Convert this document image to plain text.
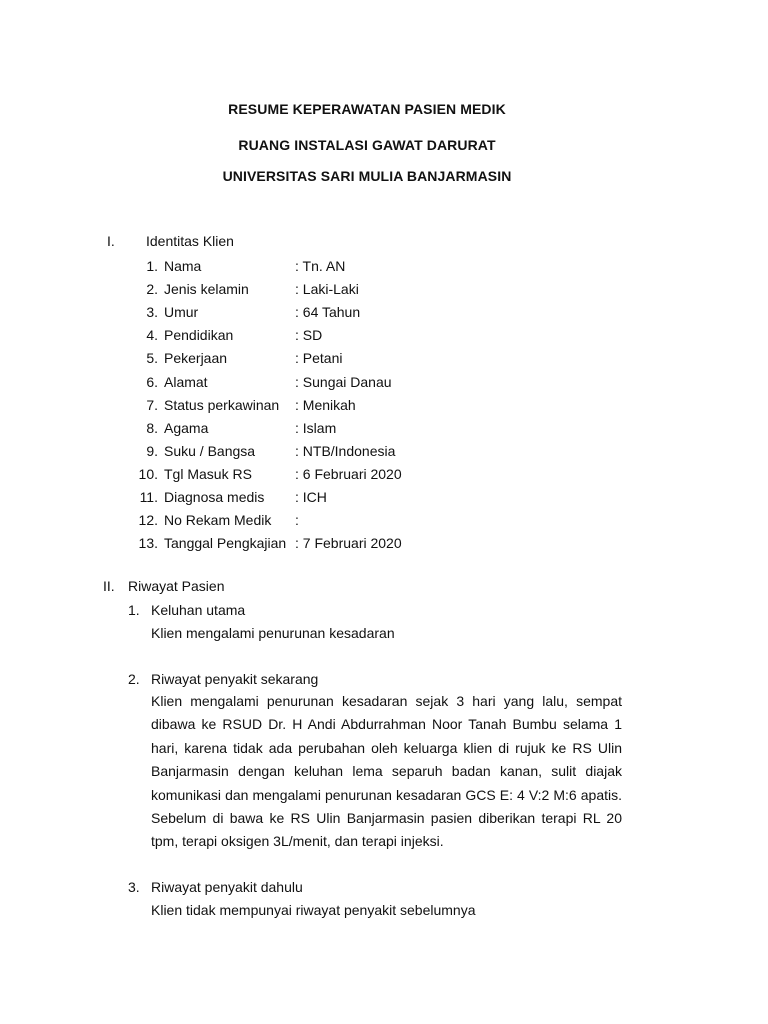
RESUME KEPERAWATAN PASIEN MEDIK
RUANG INSTALASI GAWAT DARURAT
UNIVERSITAS SARI MULIA BANJARMASIN
I. Identitas Klien
1. Nama	: Tn. AN
2. Jenis kelamin	: Laki-Laki
3. Umur	: 64 Tahun
4. Pendidikan	: SD
5. Pekerjaan	: Petani
6. Alamat	: Sungai Danau
7. Status perkawinan : Menikah
8. Agama	: Islam
9. Suku / Bangsa	: NTB/Indonesia
10. Tgl Masuk RS	: 6 Februari 2020
11. Diagnosa medis : ICH
12. No Rekam Medik :
13. Tanggal Pengkajian : 7 Februari 2020
II. Riwayat Pasien
1. Keluhan utama
Klien mengalami penurunan kesadaran
2. Riwayat penyakit sekarang
Klien mengalami penurunan kesadaran sejak 3 hari yang lalu, sempat dibawa ke RSUD Dr. H Andi Abdurrahman Noor Tanah Bumbu selama 1 hari, karena tidak ada perubahan oleh keluarga klien di rujuk ke RS Ulin Banjarmasin dengan keluhan lema separuh badan kanan, sulit diajak komunikasi dan mengalami penurunan kesadaran GCS E: 4 V:2 M:6 apatis. Sebelum di bawa ke RS Ulin Banjarmasin pasien diberikan terapi RL 20 tpm, terapi oksigen 3L/menit, dan terapi injeksi.
3. Riwayat penyakit dahulu
Klien tidak mempunyai riwayat penyakit sebelumnya
